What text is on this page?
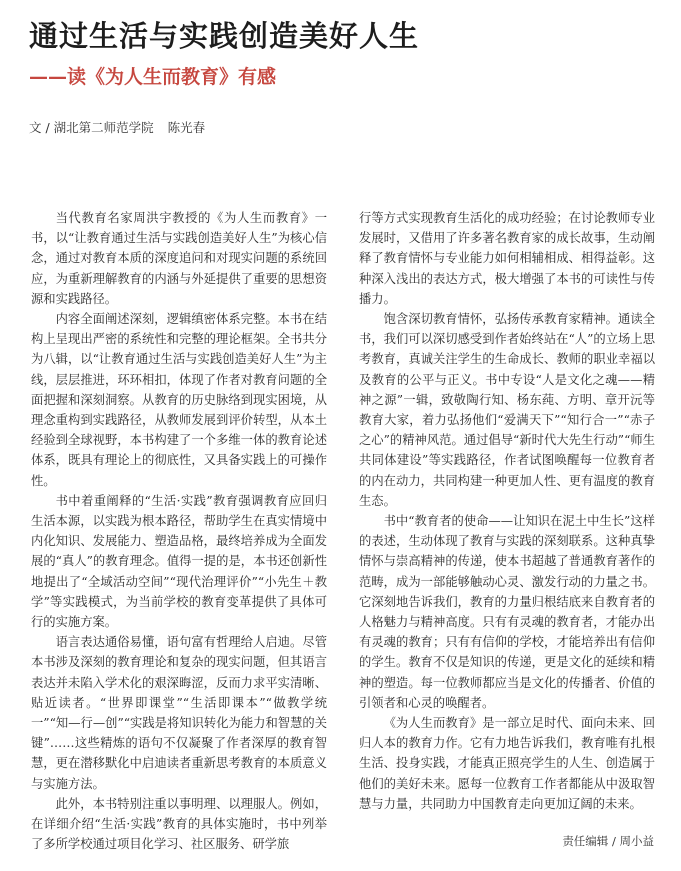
通过生活与实践创造美好人生
——读《为人生而教育》有感
文 / 湖北第二师范学院 陈光春

当代教育名家周洪宇教授的《为人生而教育》一书，以“让教育通过生活与实践创造美好人生”为核心信念，通过对教育本质的深度追问和对现实问题的系统回应，为重新理解教育的内涵与外延提供了重要的思想资源和实践路径。

内容全面阐述深刻，逻辑缜密体系完整。本书在结构上呈现出严密的系统性和完整的理论框架。全书共分为八辑，以“让教育通过生活与实践创造美好人生”为主线，层层推进，环环相扣，体现了作者对教育问题的全面把握和深刻洞察。从教育的历史脉络到现实困境，从理念重构到实践路径，从教师发展到评价转型，从本土经验到全球视野，本书构建了一个多维一体的教育论述体系，既具有理论上的彻底性，又具备实践上的可操作性。

书中着重阐释的“生活·实践”教育强调教育应回归生活本源，以实践为根本路径，帮助学生在真实情境中内化知识、发展能力、塑造品格，最终培养成为全面发展的“真人”的教育理念。值得一提的是，本书还创新性地提出了“全域活动空间”“现代治理评价”“小先生＋教学”等实践模式，为当前学校的教育变革提供了具体可行的实施方案。

语言表达通俗易懂，语句富有哲理给人启迪。尽管本书涉及深刻的教育理论和复杂的现实问题，但其语言表达并未陷入学术化的艰深晦涩，反而力求平实清晰、贴近读者。“世界即课堂”“生活即课本”“做教学统一”“知—行—创”“实践是将知识转化为能力和智慧的关键”……这些精炼的语句不仅凝聚了作者深厚的教育智慧，更在潜移默化中启迪读者重新思考教育的本质意义与实施方法。

此外，本书特别注重以事明理、以理服人。例如，在详细介绍“生活·实践”教育的具体实施时，书中列举了多所学校通过项目化学习、社区服务、研学旅

行等方式实现教育生活化的成功经验；在讨论教师专业发展时，又借用了许多著名教育家的成长故事，生动阐释了教育情怀与专业能力如何相辅相成、相得益彰。这种深入浅出的表达方式，极大增强了本书的可读性与传播力。

饱含深切教育情怀，弘扬传承教育家精神。通读全书，我们可以深切感受到作者始终站在“人”的立场上思考教育，真诚关注学生的生命成长、教师的职业幸福以及教育的公平与正义。书中专设“人是文化之魂——精神之源”一辑，致敬陶行知、杨东莼、方明、章开沅等教育大家，着力弘扬他们“爱满天下”“知行合一”“赤子之心”的精神风范。通过倡导“新时代大先生行动”“师生共同体建设”等实践路径，作者试图唤醒每一位教育者的内在动力，共同构建一种更加人性、更有温度的教育生态。

书中“教育者的使命——让知识在泥土中生长”这样的表述，生动体现了教育与实践的深刻联系。这种真挚情怀与崇高精神的传递，使本书超越了普通教育著作的范畴，成为一部能够触动心灵、激发行动的力量之书。它深刻地告诉我们，教育的力量归根结底来自教育者的人格魅力与精神高度。只有有灵魂的教育者，才能办出有灵魂的教育；只有有信仰的学校，才能培养出有信仰的学生。教育不仅是知识的传递，更是文化的延续和精神的塑造。每一位教师都应当是文化的传播者、价值的引领者和心灵的唤醒者。

《为人生而教育》是一部立足时代、面向未来、回归人本的教育力作。它有力地告诉我们，教育唯有扎根生活、投身实践，才能真正照亮学生的人生、创造属于他们的美好未来。愿每一位教育工作者都能从中汲取智慧与力量，共同助力中国教育走向更加辽阔的未来。

责任编辑 / 周小益
